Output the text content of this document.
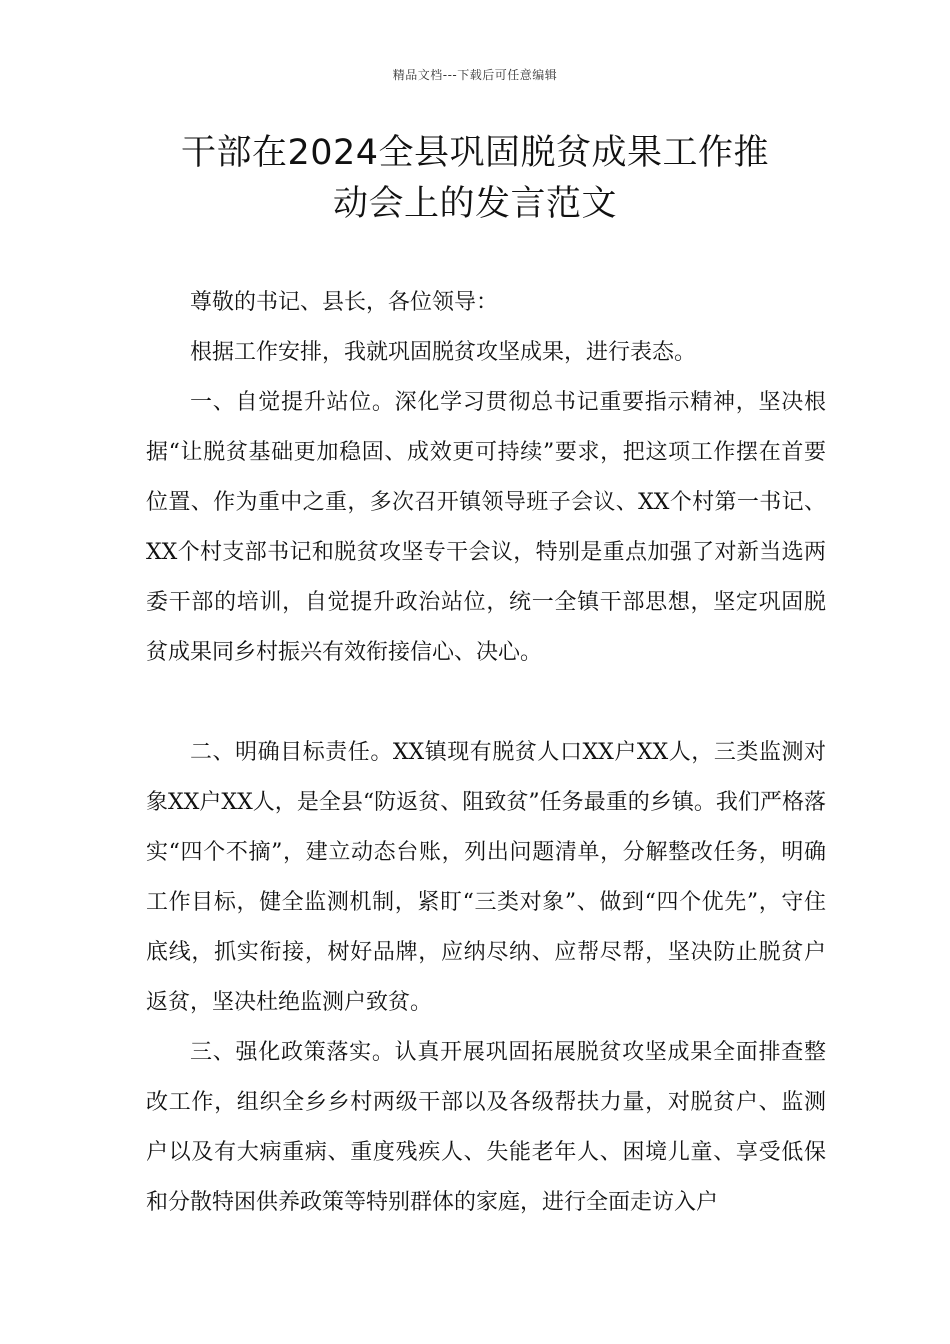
精品文档---下载后可任意编辑
干部在2024全县巩固脱贫成果工作推
动会上的发言范文

尊敬的书记、县长，各位领导：

根据工作安排，我就巩固脱贫攻坚成果，进行表态。

一、自觉提升站位。深化学习贯彻总书记重要指示精神，坚决根据“让脱贫基础更加稳固、成效更可持续”要求，把这项工作摆在首要位置、作为重中之重，多次召开镇领导班子会议、XX个村第一书记、XX个村支部书记和脱贫攻坚专干会议，特别是重点加强了对新当选两委干部的培训，自觉提升政治站位，统一全镇干部思想，坚定巩固脱贫成果同乡村振兴有效衔接信心、决心。

二、明确目标责任。XX镇现有脱贫人口XX户XX人，三类监测对象XX户XX人，是全县“防返贫、阻致贫”任务最重的乡镇。我们严格落实“四个不摘”，建立动态台账，列出问题清单，分解整改任务，明确工作目标，健全监测机制，紧盯“三类对象”、做到“四个优先”，守住底线，抓实衔接，树好品牌，应纳尽纳、应帮尽帮，坚决防止脱贫户返贫，坚决杜绝监测户致贫。

三、强化政策落实。认真开展巩固拓展脱贫攻坚成果全面排查整改工作，组织全乡乡村两级干部以及各级帮扶力量，对脱贫户、监测户以及有大病重病、重度残疾人、失能老年人、困境儿童、享受低保和分散特困供养政策等特别群体的家庭，进行全面走访入户
